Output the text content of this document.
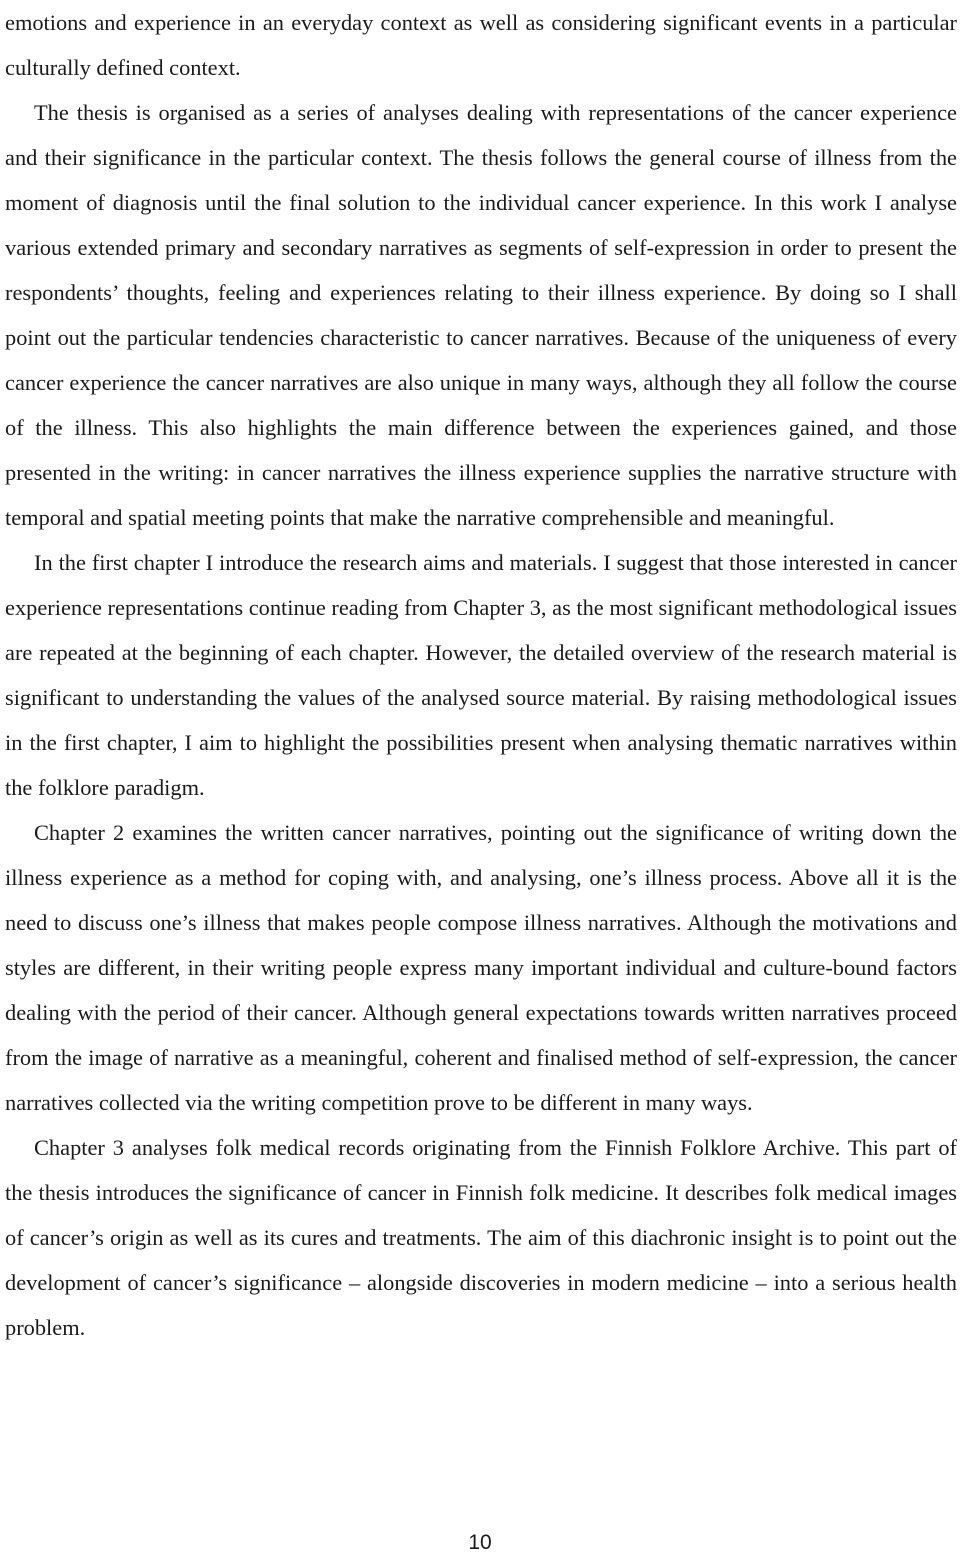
emotions and experience in an everyday context as well as considering significant events in a particular culturally defined context.

The thesis is organised as a series of analyses dealing with representations of the cancer experience and their significance in the particular context. The thesis follows the general course of illness from the moment of diagnosis until the final solution to the individual cancer experience. In this work I analyse various extended primary and secondary narratives as segments of self-expression in order to present the respondents’ thoughts, feeling and experiences relating to their illness experience. By doing so I shall point out the particular tendencies characteristic to cancer narratives. Because of the uniqueness of every cancer experience the cancer narratives are also unique in many ways, although they all follow the course of the illness. This also highlights the main difference between the experiences gained, and those presented in the writing: in cancer narratives the illness experience supplies the narrative structure with temporal and spatial meeting points that make the narrative comprehensible and meaningful.

In the first chapter I introduce the research aims and materials. I suggest that those interested in cancer experience representations continue reading from Chapter 3, as the most significant methodological issues are repeated at the beginning of each chapter. However, the detailed overview of the research material is significant to understanding the values of the analysed source material. By raising methodological issues in the first chapter, I aim to highlight the possibilities present when analysing thematic narratives within the folklore paradigm.

Chapter 2 examines the written cancer narratives, pointing out the significance of writing down the illness experience as a method for coping with, and analysing, one’s illness process. Above all it is the need to discuss one’s illness that makes people compose illness narratives. Although the motivations and styles are different, in their writing people express many important individual and culture-bound factors dealing with the period of their cancer. Although general expectations towards written narratives proceed from the image of narrative as a meaningful, coherent and finalised method of self-expression, the cancer narratives collected via the writing competition prove to be different in many ways.

Chapter 3 analyses folk medical records originating from the Finnish Folklore Archive. This part of the thesis introduces the significance of cancer in Finnish folk medicine. It describes folk medical images of cancer’s origin as well as its cures and treatments. The aim of this diachronic insight is to point out the development of cancer’s significance – alongside discoveries in modern medicine – into a serious health problem.

10
